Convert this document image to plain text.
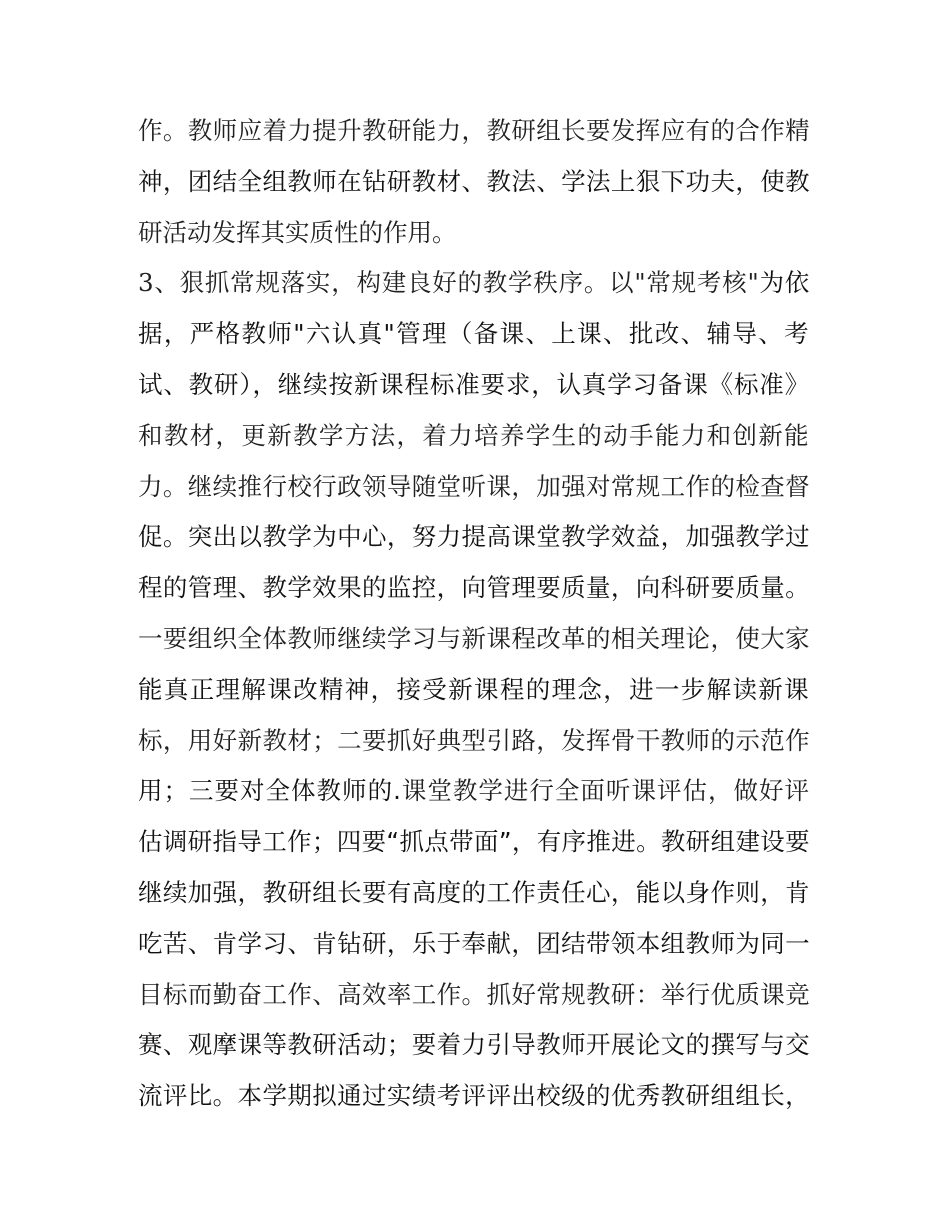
作。教师应着力提升教研能力，教研组长要发挥应有的合作精
神，团结全组教师在钻研教材、教法、学法上狠下功夫，使教
研活动发挥其实质性的作用。
3、狠抓常规落实，构建良好的教学秩序。以"常规考核"为依
据，严格教师"六认真"管理（备课、上课、批改、辅导、考
试、教研），继续按新课程标准要求，认真学习备课《标准》
和教材，更新教学方法，着力培养学生的动手能力和创新能
力。继续推行校行政领导随堂听课，加强对常规工作的检查督
促。突出以教学为中心，努力提高课堂教学效益，加强教学过
程的管理、教学效果的监控，向管理要质量，向科研要质量。
一要组织全体教师继续学习与新课程改革的相关理论，使大家
能真正理解课改精神，接受新课程的理念，进一步解读新课
标，用好新教材；二要抓好典型引路，发挥骨干教师的示范作
用；三要对全体教师的.课堂教学进行全面听课评估，做好评
估调研指导工作；四要“抓点带面”，有序推进。教研组建设要
继续加强，教研组长要有高度的工作责任心，能以身作则，肯
吃苦、肯学习、肯钻研，乐于奉献，团结带领本组教师为同一
目标而勤奋工作、高效率工作。抓好常规教研：举行优质课竞
赛、观摩课等教研活动；要着力引导教师开展论文的撰写与交
流评比。本学期拟通过实绩考评评出校级的优秀教研组组长，
